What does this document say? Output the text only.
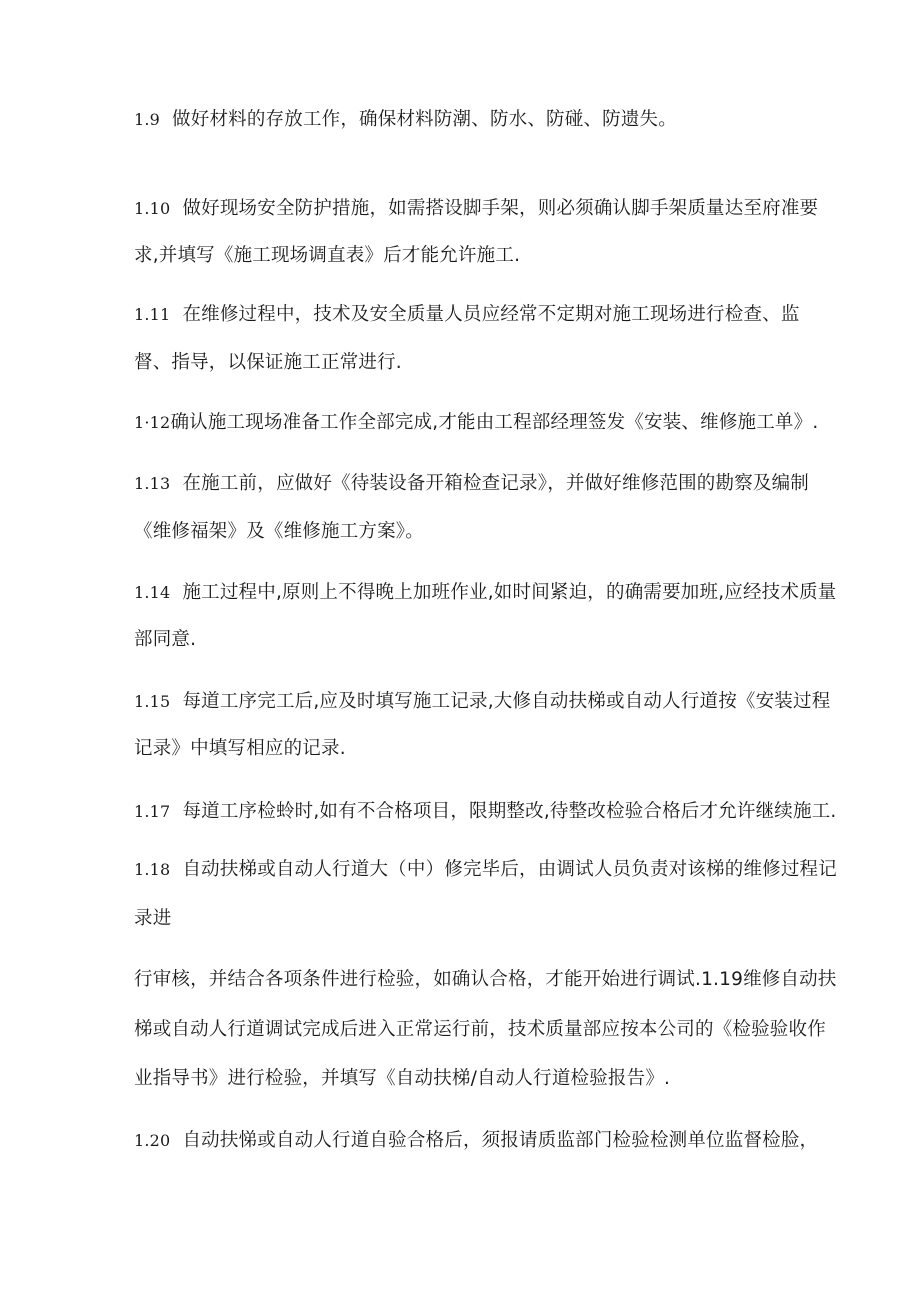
1.9 做好材料的存放工作，确保材料防潮、防水、防碰、防遗失。
1.10 做好现场安全防护措施，如需搭设脚手架，则必须确认脚手架质量达至府准要
求,并填写《施工现场调直表》后才能允许施工.
1.11 在维修过程中，技术及安全质量人员应经常不定期对施工现场进行检查、监
督、指导，以保证施工正常进行.
1·12确认施工现场准备工作全部完成,才能由工程部经理签发《安装、维修施工单》.
1.13 在施工前，应做好《待装设备开箱检查记录》，并做好维修范围的勘察及编制
《维修福架》及《维修施工方案》。
1.14 施工过程中,原则上不得晚上加班作业,如时间紧迫，的确需要加班,应经技术质量
部同意.
1.15 每道工序完工后,应及时填写施工记录,大修自动扶梯或自动人行道按《安装过程
记录》中填写相应的记录.
1.17 每道工序检蛉时,如有不合格项目，限期整改,待整改检验合格后才允许继续施工.
1.18 自动扶梯或自动人行道大（中）修完毕后，由调试人员负责对该梯的维修过程记
录进
行审核，并结合各项条件进行检验，如确认合格，才能开始进行调试.1.19维修自动扶
梯或自动人行道调试完成后进入正常运行前，技术质量部应按本公司的《检验验收作
业指导书》进行检验，并填写《自动扶梯/自动人行道检验报告》.
1.20 自动扶悌或自动人行道自验合格后，须报请质监部门检验检测单位监督检脸，
